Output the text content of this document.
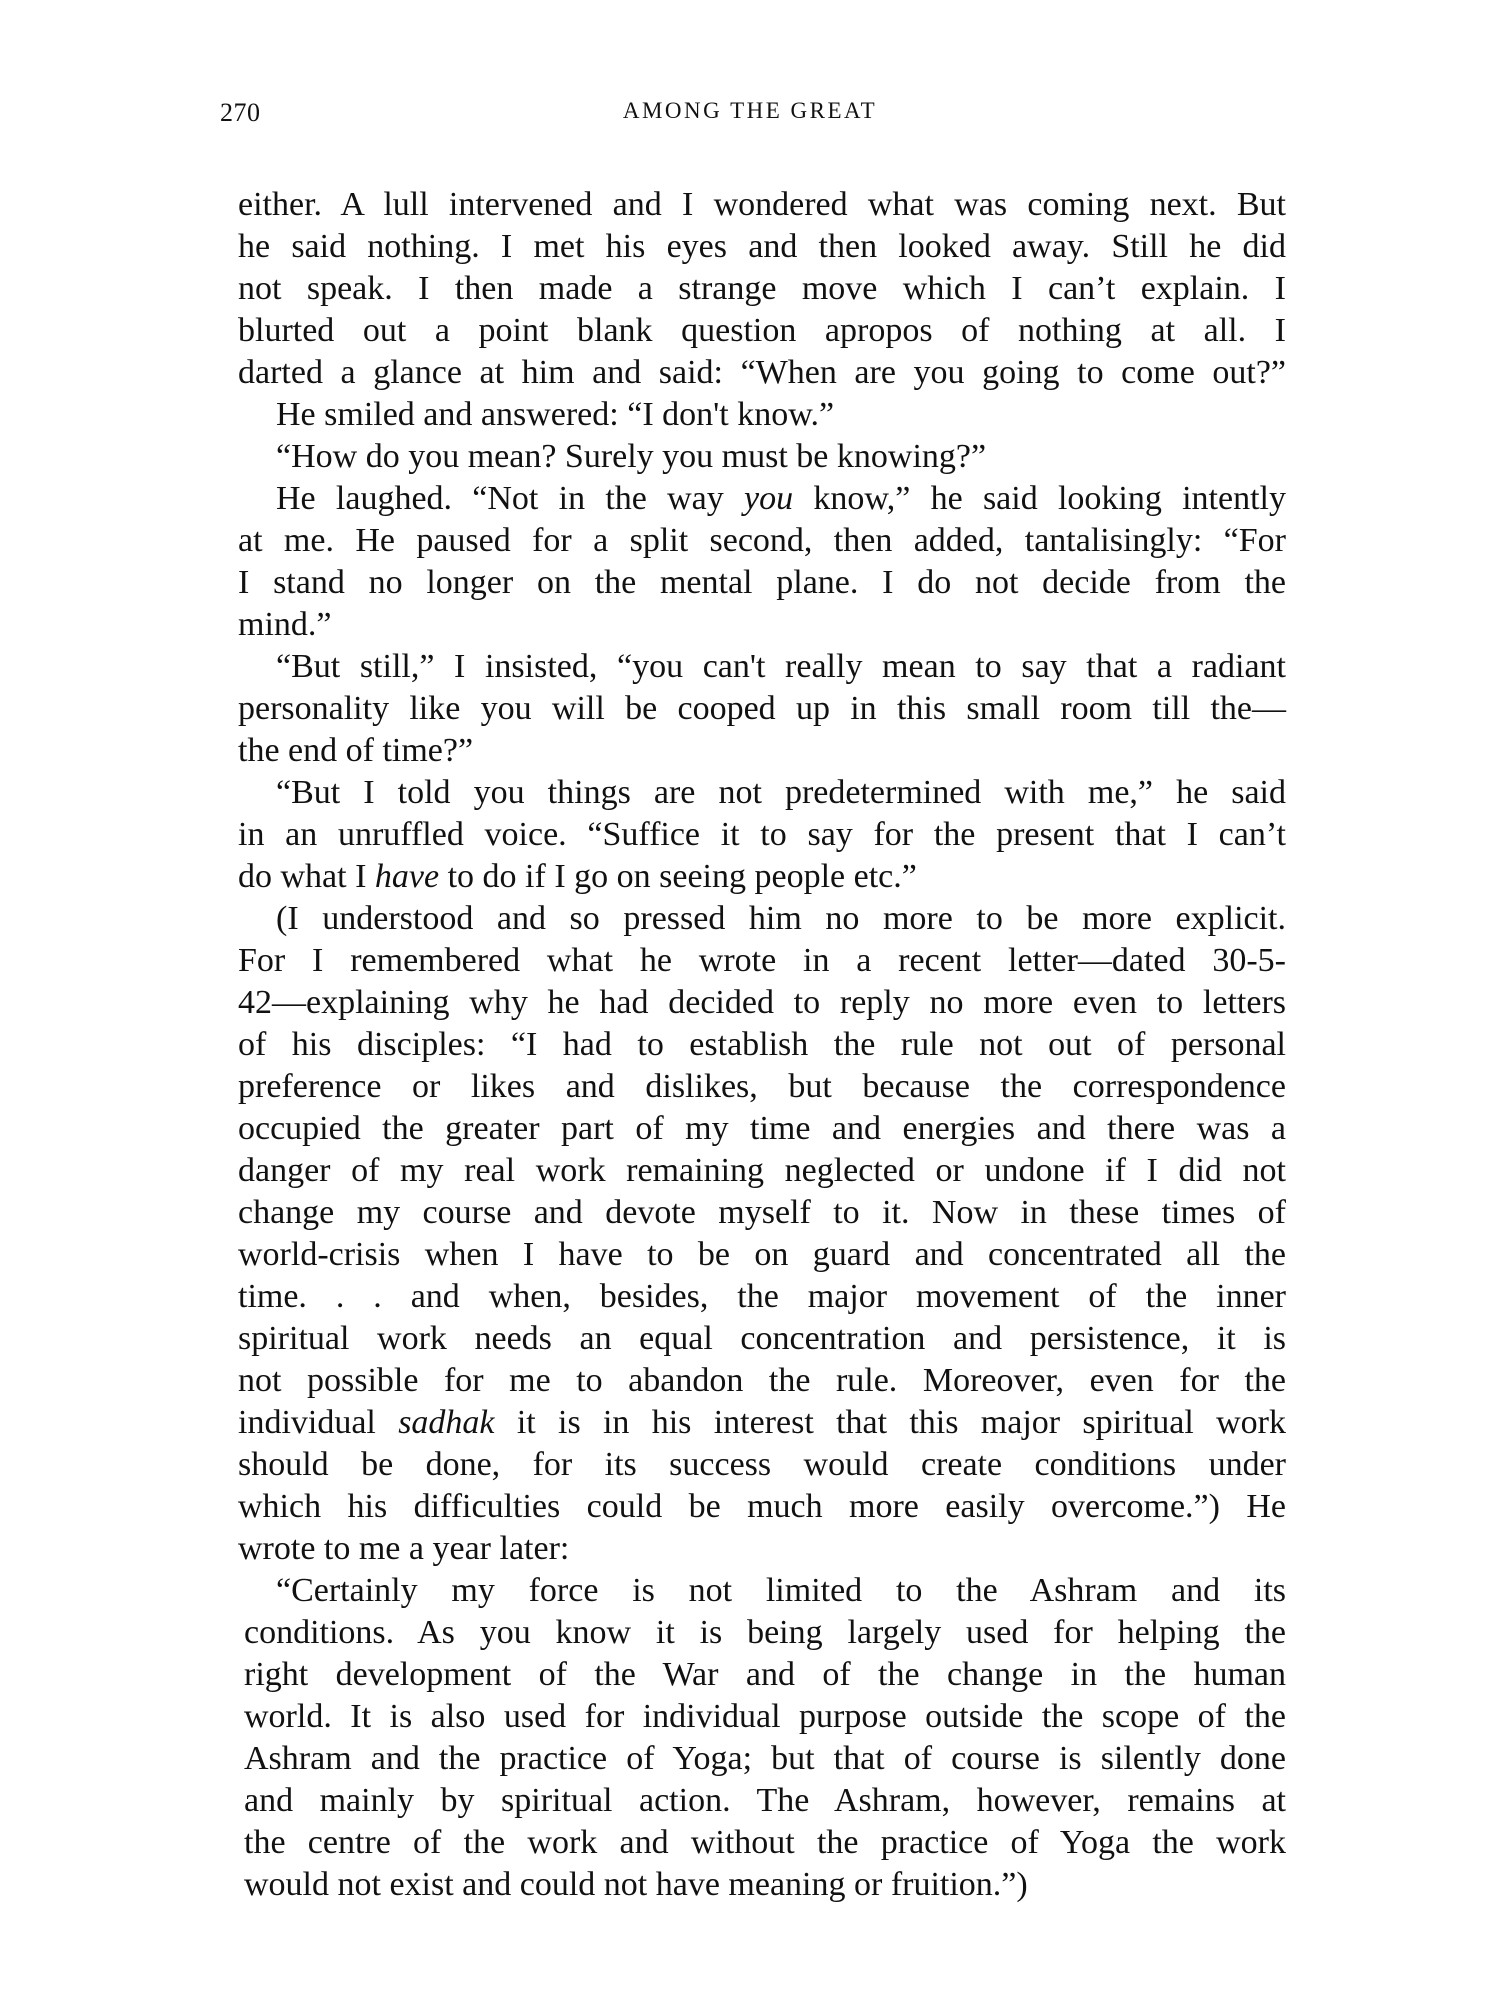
270	AMONG THE GREAT
either. A lull intervened and I wondered what was coming next. But
he said nothing. I met his eyes and then looked away. Still he did
not speak. I then made a strange move which I can’t explain. I
blurted out a point blank question apropos of nothing at all. I
darted a glance at him and said: “When are you going to come out?”
He smiled and answered: “I don't know.”
“How do you mean? Surely you must be knowing?”
He laughed. “Not in the way you know,” he said looking intently
at me. He paused for a split second, then added, tantalisingly: “For
I stand no longer on the mental plane. I do not decide from the
mind.”
“But still,” I insisted, “you can't really mean to say that a radiant
personality like you will be cooped up in this small room till the—
the end of time?”
“But I told you things are not predetermined with me,” he said
in an unruffled voice. “Suffice it to say for the present that I can’t
do what I have to do if I go on seeing people etc.”
(I understood and so pressed him no more to be more explicit.
For I remembered what he wrote in a recent letter—dated 30-5-
42—explaining why he had decided to reply no more even to letters
of his disciples: “I had to establish the rule not out of personal
preference or likes and dislikes, but because the correspondence
occupied the greater part of my time and energies and there was a
danger of my real work remaining neglected or undone if I did not
change my course and devote myself to it. Now in these times of
world-crisis when I have to be on guard and concentrated all the
time. . . and when, besides, the major movement of the inner
spiritual work needs an equal concentration and persistence, it is
not possible for me to abandon the rule. Moreover, even for the
individual sadhak it is in his interest that this major spiritual work
should be done, for its success would create conditions under
which his difficulties could be much more easily overcome.”) He
wrote to me a year later:
“Certainly my force is not limited to the Ashram and its
conditions. As you know it is being largely used for helping the
right development of the War and of the change in the human
world. It is also used for individual purpose outside the scope of the
Ashram and the practice of Yoga; but that of course is silently done
and mainly by spiritual action. The Ashram, however, remains at
the centre of the work and without the practice of Yoga the work
would not exist and could not have meaning or fruition.”)
